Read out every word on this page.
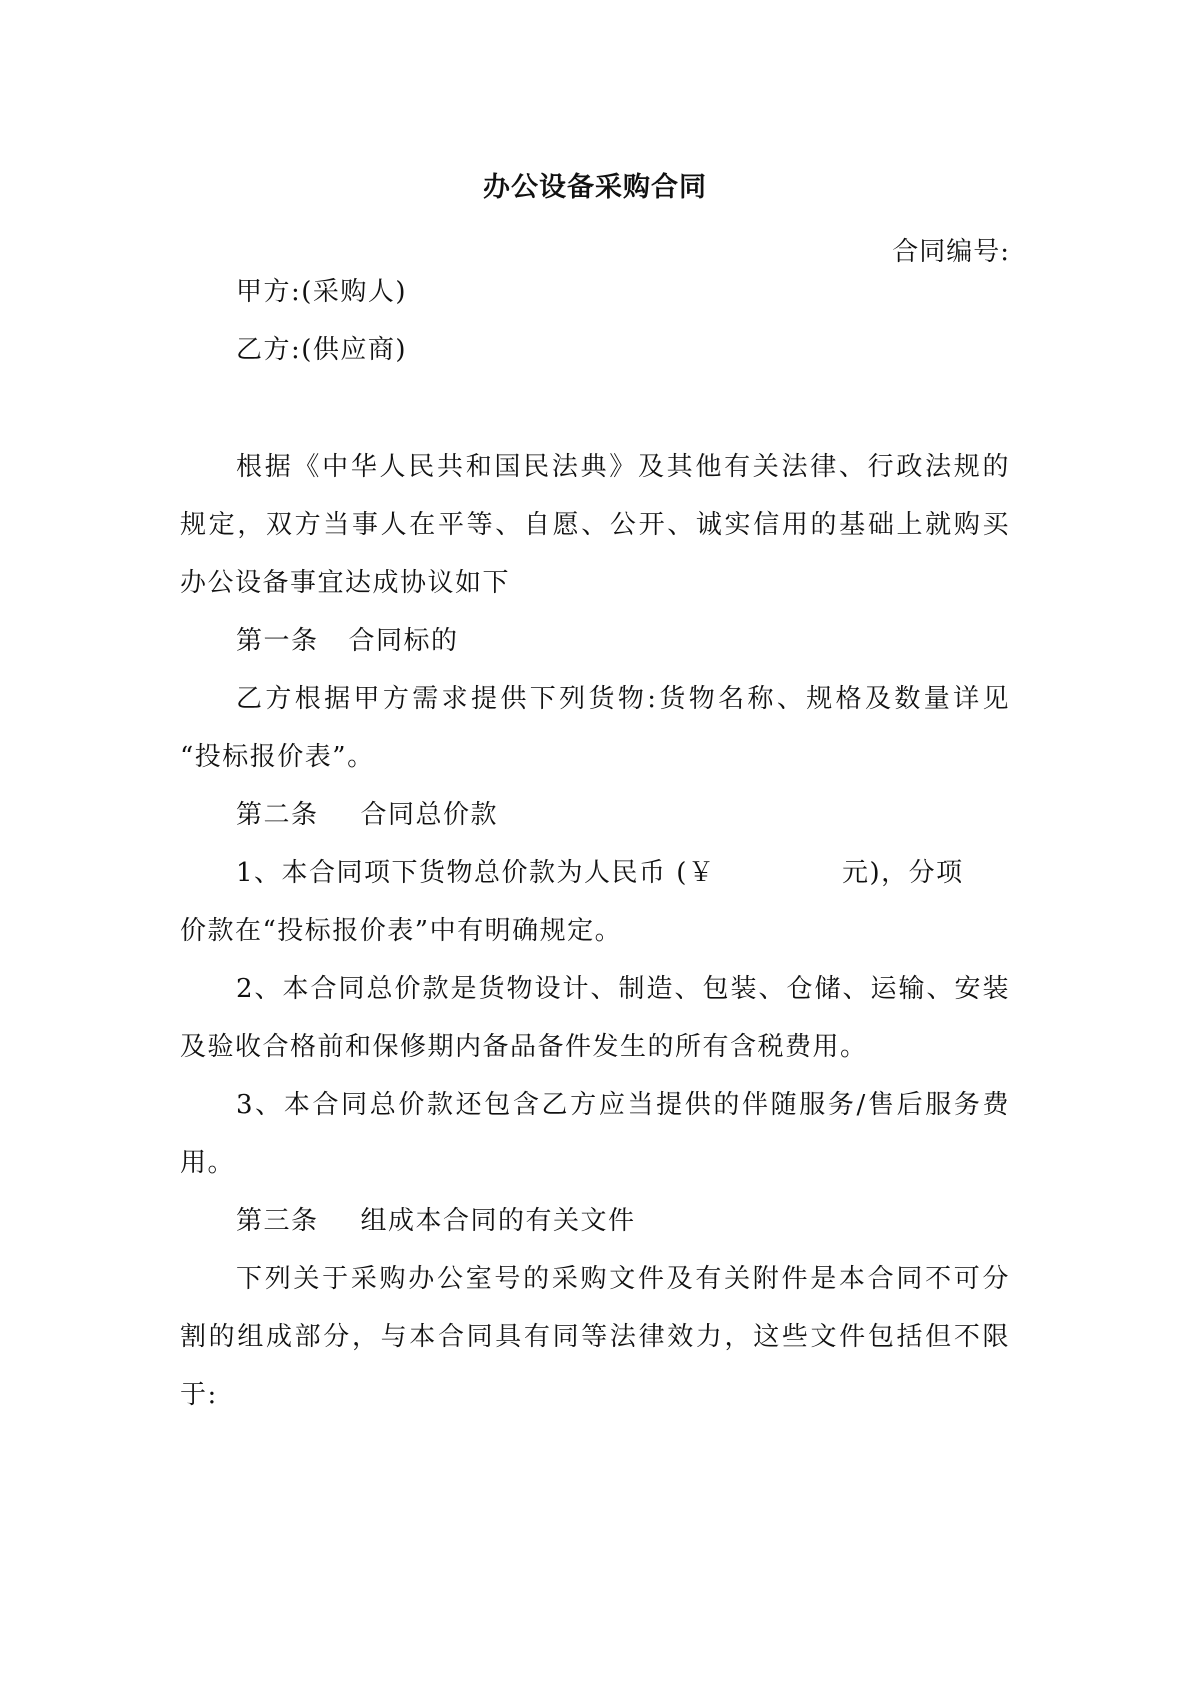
办公设备采购合同
合同编号:
甲方:(采购人)
乙方:(供应商)
根据《中华人民共和国民法典》及其他有关法律、行政法规的
规定，双方当事人在平等、自愿、公开、诚实信用的基础上就购买
办公设备事宜达成协议如下
第一条 合同标的
乙方根据甲方需求提供下列货物:货物名称、规格及数量详见
“投标报价表”。
第二条 合同总价款
1、本合同项下货物总价款为人民币 (￥	元)，分项
价款在“投标报价表”中有明确规定。
2、本合同总价款是货物设计、制造、包装、仓储、运输、安装
及验收合格前和保修期内备品备件发生的所有含税费用。
3、本合同总价款还包含乙方应当提供的伴随服务/售后服务费
用。
第三条 组成本合同的有关文件
下列关于采购办公室号的采购文件及有关附件是本合同不可分
割的组成部分，与本合同具有同等法律效力，这些文件包括但不限
于:
